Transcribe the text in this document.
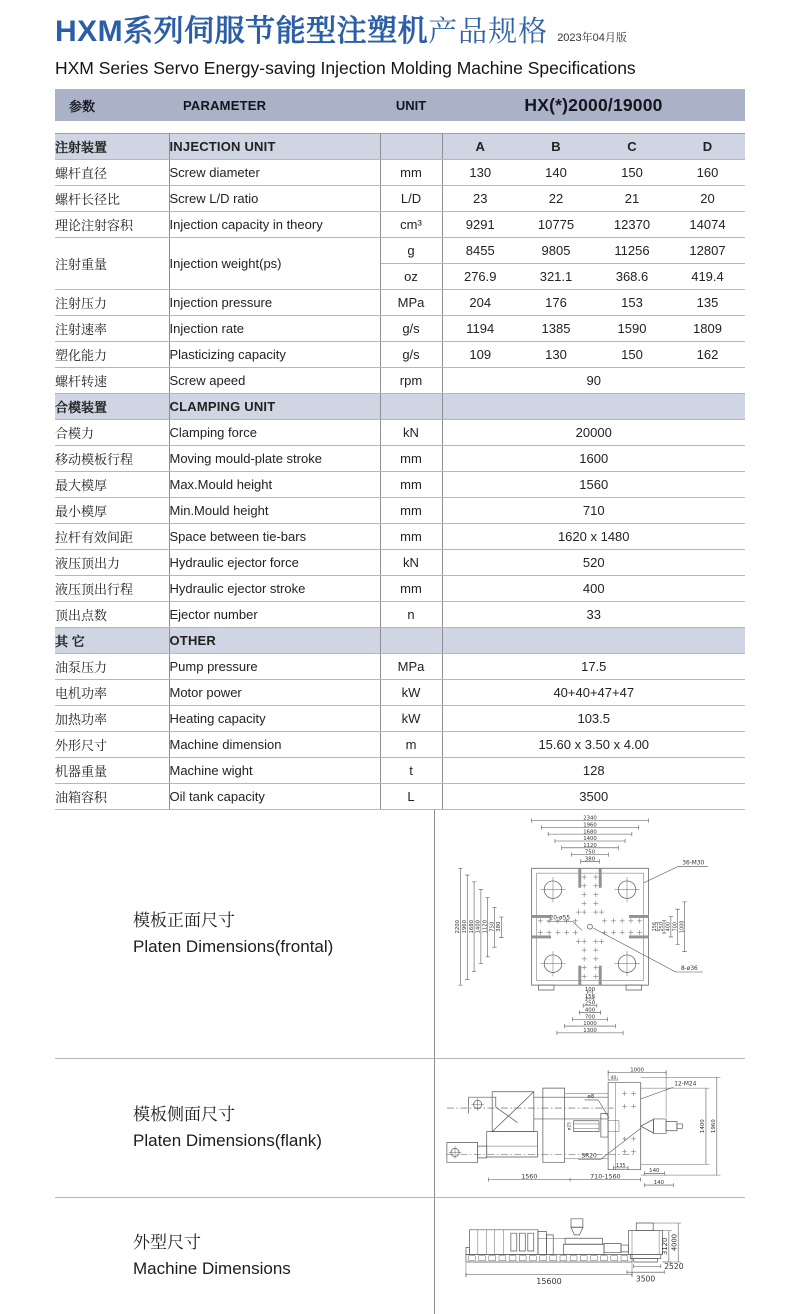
HXM系列伺服节能型注塑机产品规格 2023年04月版
HXM Series Servo Energy-saving Injection Molding Machine Specifications
参数	PARAMETER	UNIT	HX(*)2000/19000
注射装置	INJECTION UNIT		A	B	C	D
螺杆直径	Screw diameter	mm	130	140	150	160
螺杆长径比	Screw L/D ratio	L/D	23	22	21	20
理论注射容积	Injection capacity in theory	cm³	9291	10775	12370	14074
注射重量	Injection weight(ps)	g	8455	9805	11256	12807
		oz	276.9	321.1	368.6	419.4
注射压力	Injection pressure	MPa	204	176	153	135
注射速率	Injection rate	g/s	1194	1385	1590	1809
塑化能力	Plasticizing capacity	g/s	109	130	150	162
螺杆转速	Screw apeed	rpm	90			
合模装置	CLAMPING UNIT					
合模力	Clamping force	kN	20000			
移动模板行程	Moving mould-plate stroke	mm	1600			
最大模厚	Max.Mould height	mm	1560			
最小模厚	Min.Mould height	mm	710			
拉杆有效间距	Space between tie-bars	mm	1620 x 1480			
液压顶出力	Hydraulic ejector force	kN	520			
液压顶出行程	Hydraulic ejector stroke	mm	400			
顶出点数	Ejector number	n	33			
其 它	OTHER					
油泵压力	Pump pressure	MPa	17.5			
电机功率	Motor power	kW	40+40+47+47			
加热功率	Heating capacity	kW	103.5			
外形尺寸	Machine dimension	m	15.60 x 3.50 x 4.00			
机器重量	Machine wight	t	128			
油箱容积	Oil tank capacity	L	3500			
模板正面尺寸
Platen Dimensions(frontal)
2340
1960
1680
1400
1120
750
380
2200 1960 1680 1400 1120 750 380
100
156
250
400
700
1000
1300
156 250 400 700 1000
36-M30
8-ø36
20-ø55
模板侧面尺寸
Platen Dimensions(flank)
ø25
1000
40
12-M24
ø8
SR20
1400 1960
135
1560	710-1560
140
140
外型尺寸
Machine Dimensions
15600
3120 4000
2520
3500
